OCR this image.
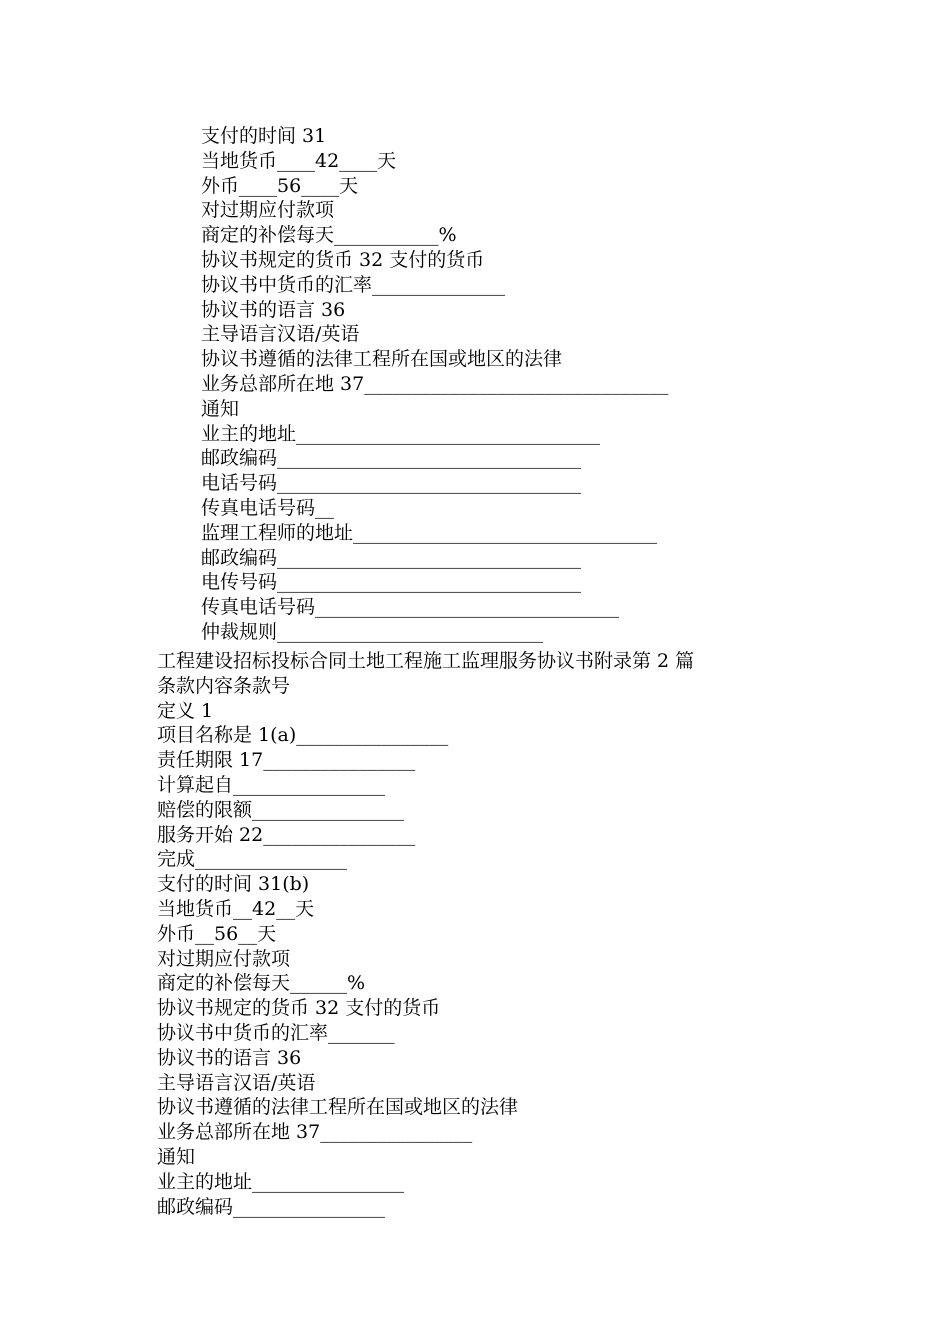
支付的时间 31
当地货币____42____天
外币____56____天
对过期应付款项
商定的补偿每天___________%
协议书规定的货币 32 支付的货币
协议书中货币的汇率______________
协议书的语言 36
主导语言汉语/英语
协议书遵循的法律工程所在国或地区的法律
业务总部所在地 37________________________________
通知
业主的地址________________________________
邮政编码________________________________
电话号码________________________________
传真电话号码__
监理工程师的地址________________________________
邮政编码________________________________
电传号码________________________________
传真电话号码________________________________
仲裁规则____________________________
工程建设招标投标合同土地工程施工监理服务协议书附录第 2 篇
条款内容条款号
定义 1
项目名称是 1(a)________________
责任期限 17________________
计算起自________________
赔偿的限额________________
服务开始 22________________
完成________________
支付的时间 31(b)
当地货币__42__天
外币__56__天
对过期应付款项
商定的补偿每天______%
协议书规定的货币 32 支付的货币
协议书中货币的汇率_______
协议书的语言 36
主导语言汉语/英语
协议书遵循的法律工程所在国或地区的法律
业务总部所在地 37________________
通知
业主的地址________________
邮政编码________________
